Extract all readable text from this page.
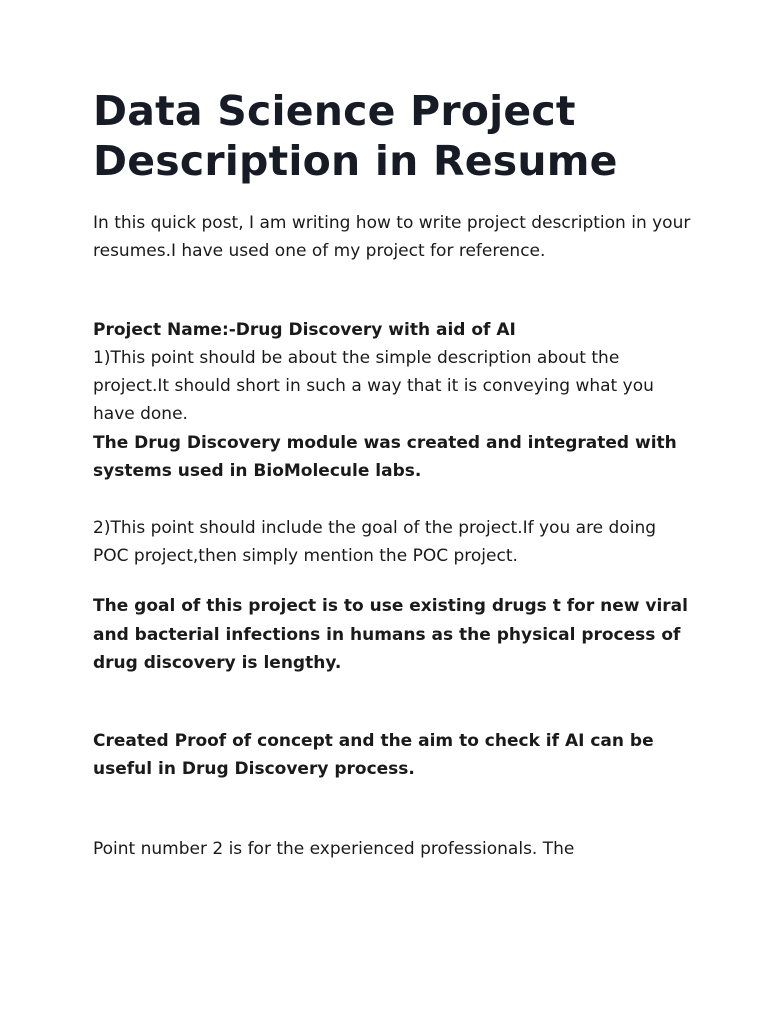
Data Science Project Description in Resume

In this quick post, I am writing how to write project description in your resumes.I have used one of my project for reference.

Project Name:-Drug Discovery with aid of AI

1)This point should be about the simple description about the project.It should short in such a way that it is conveying what you have done.

The Drug Discovery module was created and integrated with systems used in BioMolecule labs.

2)This point should include the goal of the project.If you are doing POC project,then simply mention the POC project.

The goal of this project is to use existing drugs t for new viral and bacterial infections in humans as the physical process of drug discovery is lengthy.

Created Proof of concept and the aim to check if AI can be useful in Drug Discovery process.

Point number 2 is for the experienced professionals. The
